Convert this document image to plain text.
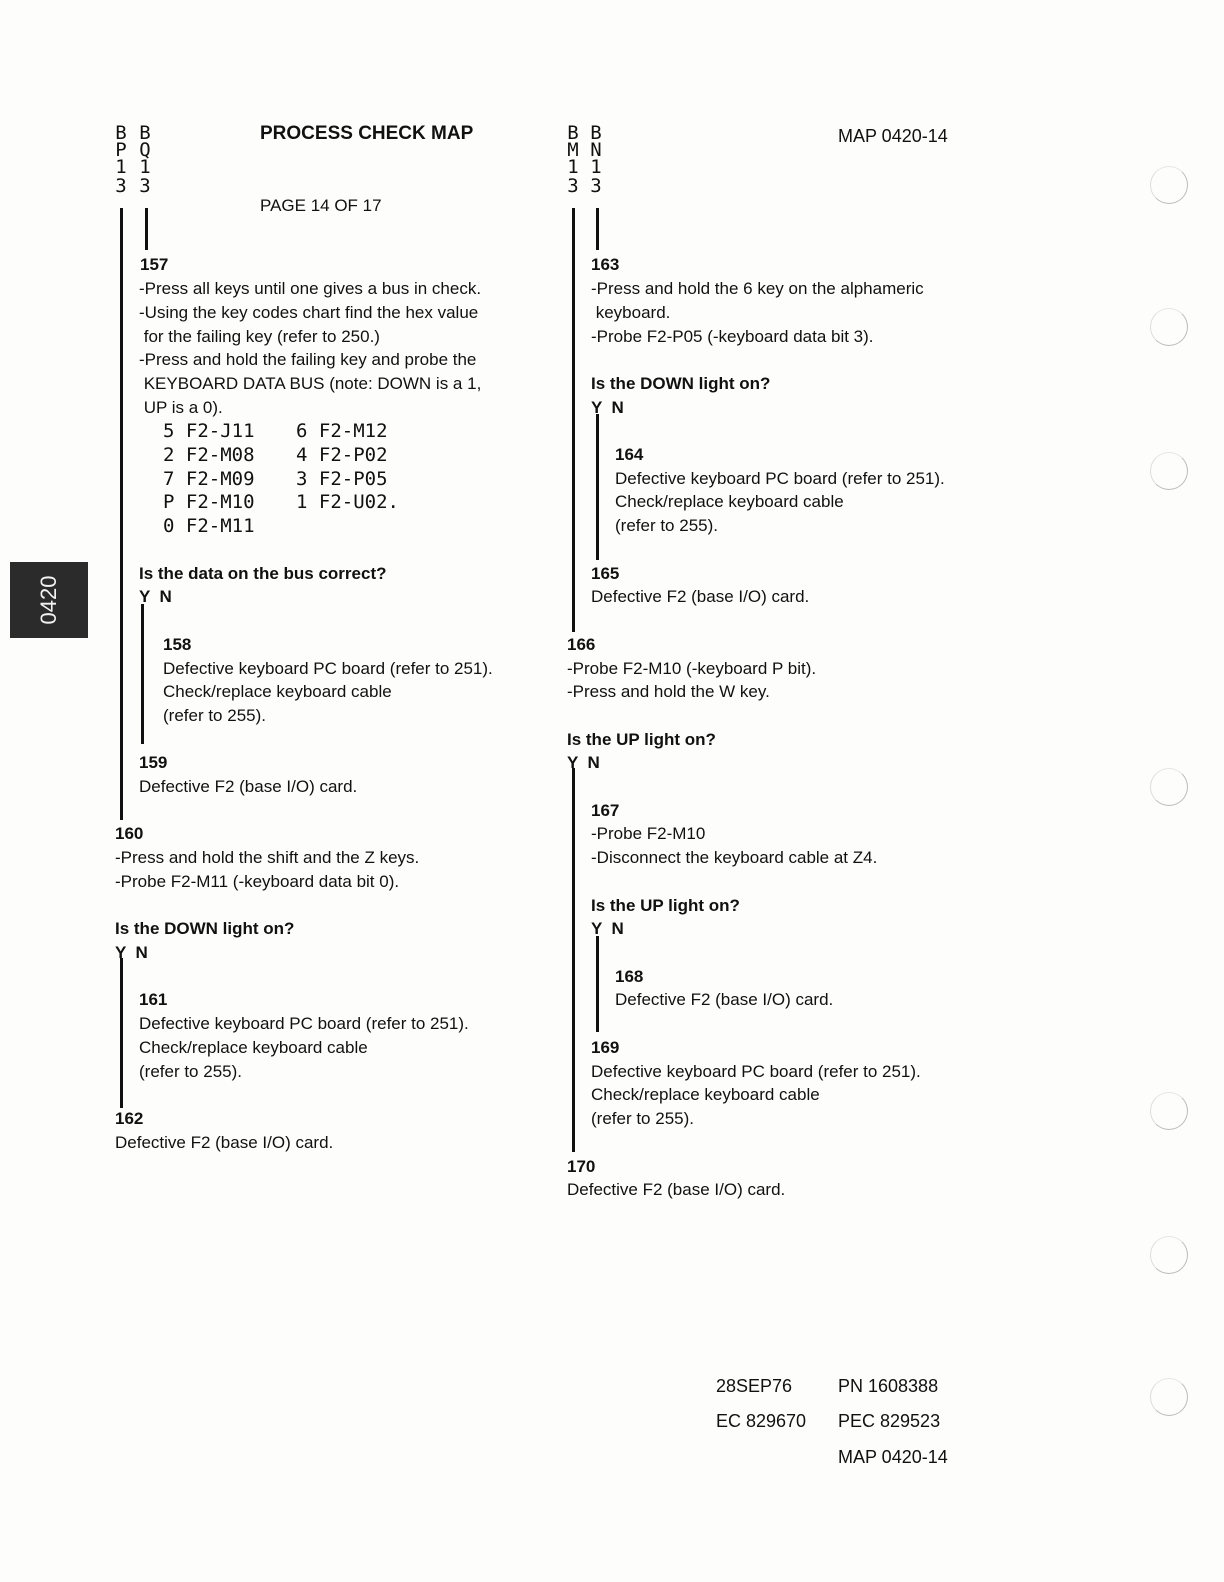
0420
PROCESS CHECK MAP
PAGE 14 OF 17
MAP 0420-14
B
P
1
3
B
Q
1
3
B
M
1
3
B
N
1
3
157
-Press all keys until one gives a bus in check.
-Using the key codes chart find the hex value
for the failing key (refer to 250.)
-Press and hold the failing key and probe the
KEYBOARD DATA BUS (note: DOWN is a 1,
UP is a 0).
5 F2-J11
2 F2-M08
7 F2-M09
P F2-M10
0 F2-M11
6 F2-M12
4 F2-P02
3 F2-P05
1 F2-U02.
Is the data on the bus correct?
Y  N
158
Defective keyboard PC board (refer to 251).
Check/replace keyboard cable
(refer to 255).
159
Defective F2 (base I/O) card.
160
-Press and hold the shift and the Z keys.
-Probe F2-M11 (-keyboard data bit 0).
Is the DOWN light on?
Y  N
161
Defective keyboard PC board (refer to 251).
Check/replace keyboard cable
(refer to 255).
162
Defective F2 (base I/O) card.
163
-Press and hold the 6 key on the alphameric
keyboard.
-Probe F2-P05 (-keyboard data bit 3).
Is the DOWN light on?
Y  N
164
Defective keyboard PC board (refer to 251).
Check/replace keyboard cable
(refer to 255).
165
Defective F2 (base I/O) card.
166
-Probe F2-M10 (-keyboard P bit).
-Press and hold the W key.
Is the UP light on?
Y  N
167
-Probe F2-M10
-Disconnect the keyboard cable at Z4.
Is the UP light on?
Y  N
168
Defective F2 (base I/O) card.
169
Defective keyboard PC board (refer to 251).
Check/replace keyboard cable
(refer to 255).
170
Defective F2 (base I/O) card.
28SEP76	PN 1608388
EC 829670 PEC 829523
MAP 0420-14
